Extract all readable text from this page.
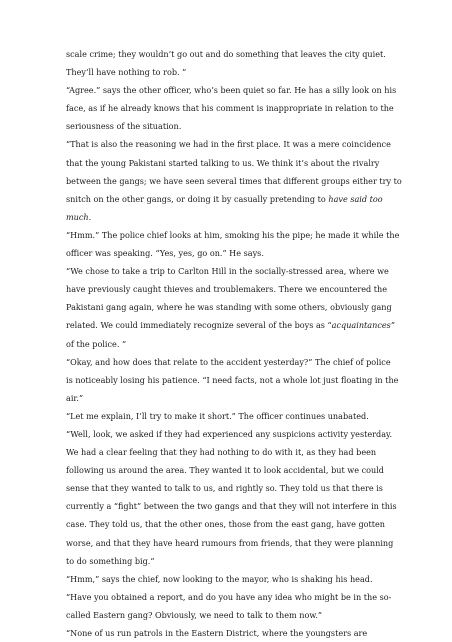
scale crime; they wouldn’t go out and do something that leaves the city quiet.
They’ll have nothing to rob. ”
“Agree.” says the other officer, who’s been quiet so far. He has a silly look on his
face, as if he already knows that his comment is inappropriate in relation to the
seriousness of the situation.
“That is also the reasoning we had in the first place. It was a mere coincidence
that the young Pakistani started talking to us. We think it’s about the rivalry
between the gangs; we have seen several times that different groups either try to
snitch on the other gangs, or doing it by casually pretending to have said too
much.
“Hmm.” The police chief looks at him, smoking his the pipe; he made it while the
officer was speaking. “Yes, yes, go on.” He says.
“We chose to take a trip to Carlton Hill in the socially-stressed area, where we
have previously caught thieves and troublemakers. There we encountered the
Pakistani gang again, where he was standing with some others, obviously gang
related. We could immediately recognize several of the boys as “acquaintances”
of the police. ”
“Okay, and how does that relate to the accident yesterday?” The chief of police
is noticeably losing his patience. “I need facts, not a whole lot just floating in the
air.”
“Let me explain, I’ll try to make it short.” The officer continues unabated.
“Well, look, we asked if they had experienced any suspicions activity yesterday.
We had a clear feeling that they had nothing to do with it, as they had been
following us around the area. They wanted it to look accidental, but we could
sense that they wanted to talk to us, and rightly so. They told us that there is
currently a “fight” between the two gangs and that they will not interfere in this
case. They told us, that the other ones, those from the east gang, have gotten
worse, and that they have heard rumours from friends, that they were planning
to do something big.”
“Hmm,” says the chief, now looking to the mayor, who is shaking his head.
“Have you obtained a report, and do you have any idea who might be in the so-
called Eastern gang? Obviously, we need to talk to them now.”
“None of us run patrols in the Eastern District, where the youngsters are
